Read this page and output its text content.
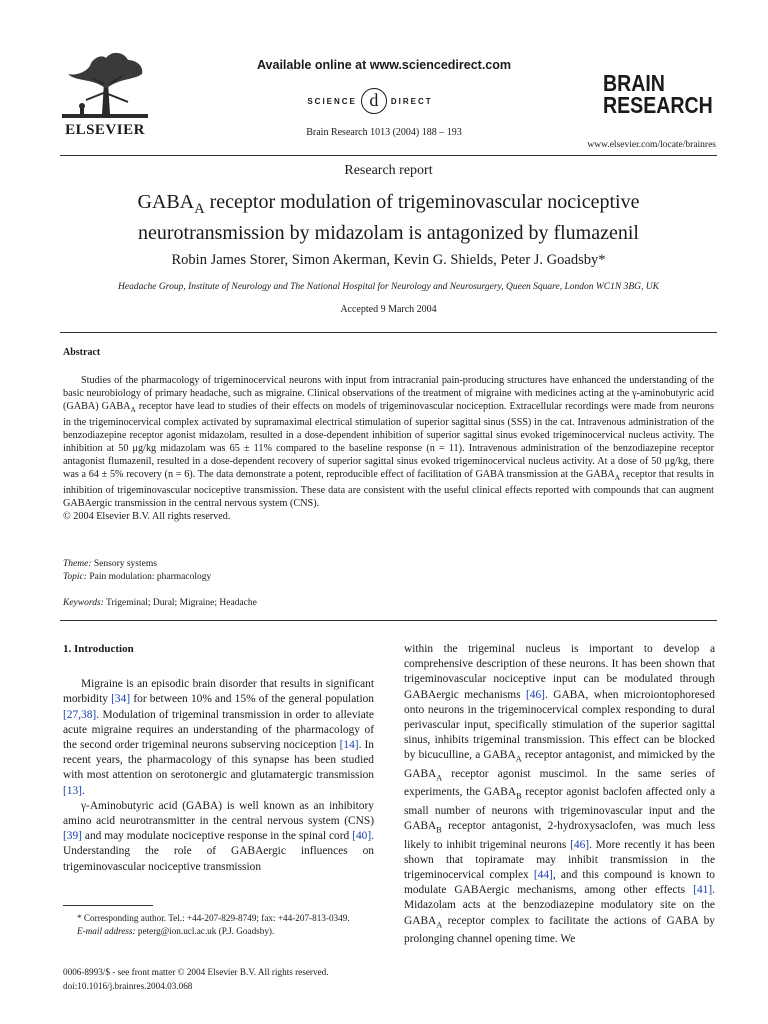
ELSEVIER
Available online at www.sciencedirect.com
SCIENCE d	DIRECT
Brain Research 1013 (2004) 188 – 193
BRAIN
RESEARCH
www.elsevier.com/locate/brainres
Research report
$GABA_A$ receptor modulation of trigeminovascular nociceptive
neurotransmission by midazolam is antagonized by flumazenil
Robin James Storer, Simon Akerman, Kevin G. Shields, Peter J. Goadsby*
Headache Group, Institute of Neurology and The National Hospital for Neurology and Neurosurgery, Queen Square, London WC1N 3BG, UK
Accepted 9 March 2004
Abstract
Studies of the pharmacology of trigeminocervical neurons with input from intracranial pain-producing structures have enhanced the understanding of the basic neurobiology of primary headache, such as migraine. Clinical observations of the treatment of migraine with medicines acting at the γ-aminobutyric acid (GABA) $GABA_A$ receptor have lead to studies of their effects on models of trigeminovascular nociception. Extracellular recordings were made from neurons in the trigeminocervical complex activated by supramaximal electrical stimulation of superior sagittal sinus (SSS) in the cat. Intravenous administration of the benzodiazepine receptor agonist midazolam, resulted in a dose-dependent inhibition of superior sagittal sinus evoked trigeminocervical nucleus activity. The inhibition at 50 μg/kg midazolam was 65 ± 11% compared to the baseline response (n = 11). Intravenous administration of the benzodiazepine receptor antagonist flumazenil, resulted in a dose-dependent recovery of superior sagittal sinus evoked trigeminocervical nucleus activity. At a dose of 50 μg/kg, there was a 64 ± 5% recovery (n = 6). The data demonstrate a potent, reproducible effect of facilitation of GABA transmission at the $GABA_A$ receptor that results in inhibition of trigeminovascular nociceptive transmission. These data are consistent with the useful clinical effects reported with compounds that can augment GABAergic transmission in the central nervous system (CNS).
© 2004 Elsevier B.V. All rights reserved.
Theme: Sensory systems
Topic: Pain modulation: pharmacology
Keywords: Trigeminal; Dural; Migraine; Headache
1. Introduction

Migraine is an episodic brain disorder that results in significant morbidity [34] for between 10% and 15% of the general population [27,38]. Modulation of trigeminal transmission in order to alleviate acute migraine requires an understanding of the pharmacology of the second order trigeminal neurons subserving nociception [14]. In recent years, the pharmacology of this synapse has been studied with most attention on serotonergic and glutamatergic transmission [13].

γ-Aminobutyric acid (GABA) is well known as an inhibitory amino acid neurotransmitter in the central nervous system (CNS) [39] and may modulate nociceptive response in the spinal cord [40]. Understanding the role of GABAergic influences on trigeminovascular nociceptive transmission

* Corresponding author. Tel.: +44-207-829-8749; fax: +44-207-813-0349.

E-mail address: peterg@ion.ucl.ac.uk (P.J. Goadsby).

0006-8993/$ - see front matter © 2004 Elsevier B.V. All rights reserved.
doi:10.1016/j.brainres.2004.03.068

within the trigeminal nucleus is important to develop a comprehensive description of these neurons. It has been shown that trigeminovascular nociceptive input can be modulated through GABAergic mechanisms [46]. GABA, when microiontophoresed onto neurons in the trigeminocervical complex responding to dural perivascular input, specifically stimulation of the superior sagittal sinus, inhibits trigeminal transmission. This effect can be blocked by bicuculline, a $GABA_A$ receptor antagonist, and mimicked by the $GABA_A$ receptor agonist muscimol. In the same series of experiments, the $GABA_B$ receptor agonist baclofen affected only a small number of neurons with trigeminovascular input and the $GABA_B$ receptor antagonist, 2-hydroxysaclofen, was much less likely to inhibit trigeminal neurons [46]. More recently it has been shown that topiramate may inhibit transmission in the trigeminocervical complex [44], and this compound is known to modulate GABAergic mechanisms, among other effects [41]. Midazolam acts at the benzodiazepine modulatory site on the $GABA_A$ receptor complex to facilitate the actions of GABA by prolonging channel opening time. We
